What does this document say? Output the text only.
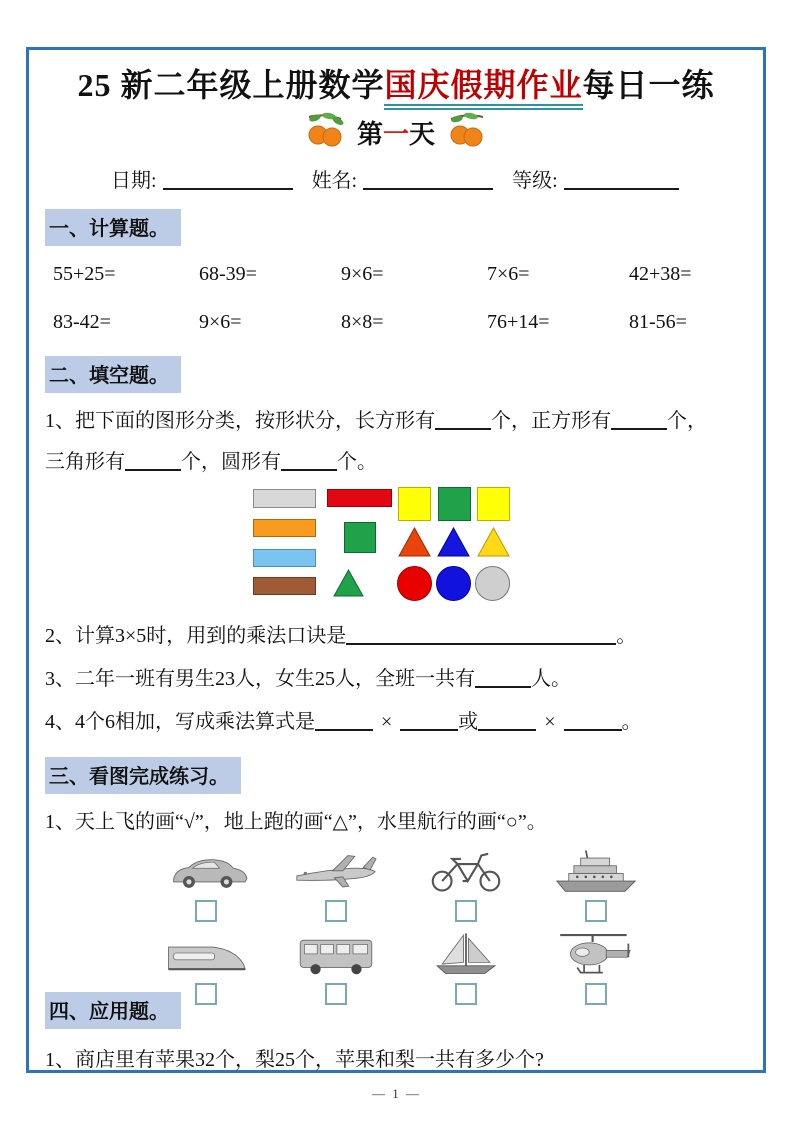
25 新二年级上册数学国庆假期作业每日一练
第一天
日期:	姓名:	等级:
一、计算题。
55+25=	68-39=	9×6=	7×6=	42+38=
83-42=	9×6=	8×8=	76+14=	81-56=
二、填空题。
1、把下面的图形分类，按形状分，长方形有	个，正方形有	个，
三角形有	个，圆形有	个。
2、计算3×5时，用到的乘法口诀是	。
3、二年一班有男生23人，女生25人，全班一共有	人。
4、4个6相加，写成乘法算式是	×	或	×	。
三、看图完成练习。
1、天上飞的画“√”，地上跑的画“△”，水里航行的画“○”。
四、应用题。
1、商店里有苹果32个，梨25个，苹果和梨一共有多少个?
— 1 —
